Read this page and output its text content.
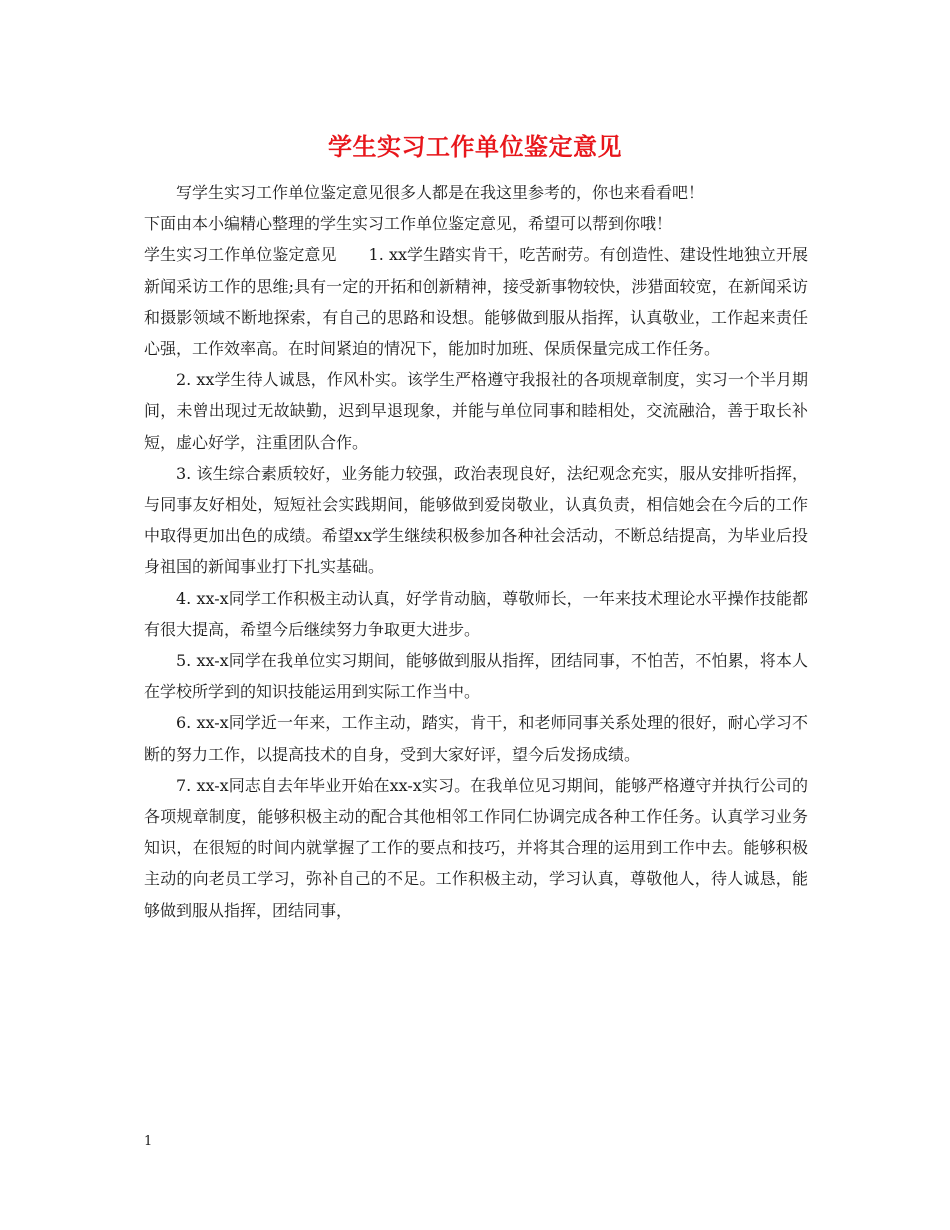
学生实习工作单位鉴定意见

写学生实习工作单位鉴定意见很多人都是在我这里参考的，你也来看看吧！

下面由本小编精心整理的学生实习工作单位鉴定意见，希望可以帮到你哦！

学生实习工作单位鉴定意见　　1. xx学生踏实肯干，吃苦耐劳。有创造性、建设性地独立开展新闻采访工作的思维;具有一定的开拓和创新精神，接受新事物较快，涉猎面较宽，在新闻采访和摄影领域不断地探索，有自己的思路和设想。能够做到服从指挥，认真敬业，工作起来责任心强，工作效率高。在时间紧迫的情况下，能加时加班、保质保量完成工作任务。

2. xx学生待人诚恳，作风朴实。该学生严格遵守我报社的各项规章制度，实习一个半月期间，未曾出现过无故缺勤，迟到早退现象，并能与单位同事和睦相处，交流融洽，善于取长补短，虚心好学，注重团队合作。

3. 该生综合素质较好，业务能力较强，政治表现良好，法纪观念充实，服从安排听指挥，与同事友好相处，短短社会实践期间，能够做到爱岗敬业，认真负责，相信她会在今后的工作中取得更加出色的成绩。希望xx学生继续积极参加各种社会活动，不断总结提高，为毕业后投身祖国的新闻事业打下扎实基础。

4. xx-x同学工作积极主动认真，好学肯动脑，尊敬师长，一年来技术理论水平操作技能都有很大提高，希望今后继续努力争取更大进步。

5. xx-x同学在我单位实习期间，能够做到服从指挥，团结同事，不怕苦，不怕累，将本人在学校所学到的知识技能运用到实际工作当中。

6. xx-x同学近一年来，工作主动，踏实，肯干，和老师同事关系处理的很好，耐心学习不断的努力工作，以提高技术的自身，受到大家好评，望今后发扬成绩。

7. xx-x同志自去年毕业开始在xx-x实习。在我单位见习期间，能够严格遵守并执行公司的各项规章制度，能够积极主动的配合其他相邻工作同仁协调完成各种工作任务。认真学习业务知识，在很短的时间内就掌握了工作的要点和技巧，并将其合理的运用到工作中去。能够积极主动的向老员工学习，弥补自己的不足。工作积极主动，学习认真，尊敬他人，待人诚恳，能够做到服从指挥，团结同事，

1
